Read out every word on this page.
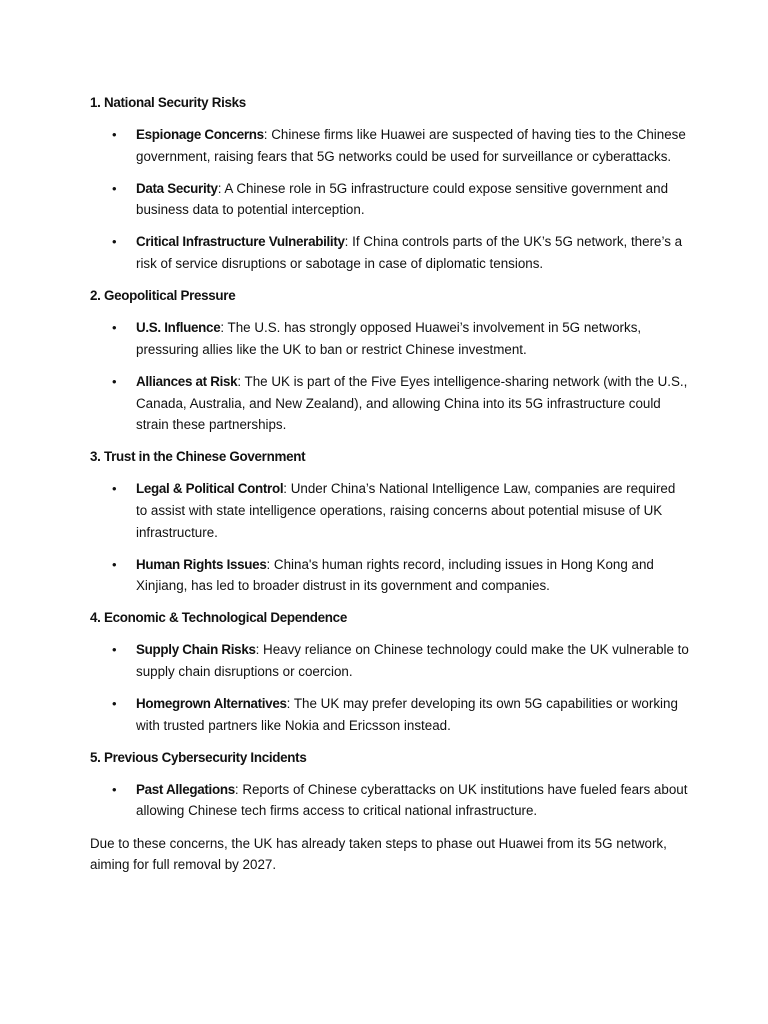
1. National Security Risks
• Espionage Concerns: Chinese firms like Huawei are suspected of having ties to the Chinese government, raising fears that 5G networks could be used for surveillance or cyberattacks.
• Data Security: A Chinese role in 5G infrastructure could expose sensitive government and business data to potential interception.
• Critical Infrastructure Vulnerability: If China controls parts of the UK’s 5G network, there’s a risk of service disruptions or sabotage in case of diplomatic tensions.
2. Geopolitical Pressure
• U.S. Influence: The U.S. has strongly opposed Huawei’s involvement in 5G networks, pressuring allies like the UK to ban or restrict Chinese investment.
• Alliances at Risk: The UK is part of the Five Eyes intelligence-sharing network (with the U.S., Canada, Australia, and New Zealand), and allowing China into its 5G infrastructure could strain these partnerships.
3. Trust in the Chinese Government
• Legal & Political Control: Under China’s National Intelligence Law, companies are required to assist with state intelligence operations, raising concerns about potential misuse of UK infrastructure.
• Human Rights Issues: China's human rights record, including issues in Hong Kong and Xinjiang, has led to broader distrust in its government and companies.
4. Economic & Technological Dependence
• Supply Chain Risks: Heavy reliance on Chinese technology could make the UK vulnerable to supply chain disruptions or coercion.
• Homegrown Alternatives: The UK may prefer developing its own 5G capabilities or working with trusted partners like Nokia and Ericsson instead.
5. Previous Cybersecurity Incidents
• Past Allegations: Reports of Chinese cyberattacks on UK institutions have fueled fears about allowing Chinese tech firms access to critical national infrastructure.

Due to these concerns, the UK has already taken steps to phase out Huawei from its 5G network, aiming for full removal by 2027.
